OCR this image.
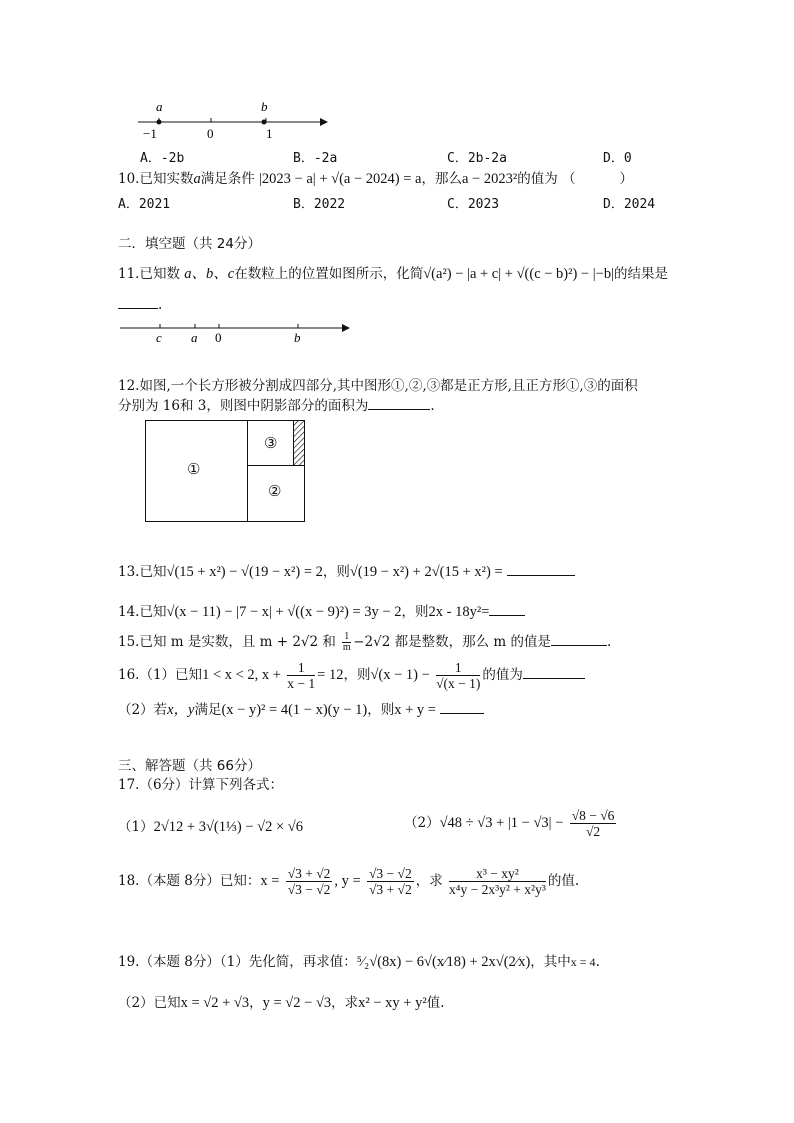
a	b
−1	0	1
A．-2b	B．-2a	C．2b-2a	D．0
10.已知实数a满足条件 |2023 − a| + √(a − 2024) = a，那么a − 2023²的值为 （	）
A．2021	B．2022	C．2023	D．2024
二．填空题（共 24分）
11.已知数 a、b、c在数粒上的位置如图所示，化简√(a²) − |a + c| + √((c − b)²) − |−b|的结果是
.
c a 0	b
12.如图,一个长方形被分割成四部分,其中图形①,②,③都是正方形,且正方形①,③的面积
分别为 16和 3，则图中阴影部分的面积为	.
①
③
②
13.已知√(15 + x²) − √(19 − x²) = 2，则√(19 − x²) + 2√(15 + x²) =
14.已知√(x − 11) − |7 − x| + √((x − 9)²) = 3y − 2，则2x - 18y²=
15.已知 m 是实数，且 m + 2√2 和 $\frac{1}{m} -2√2$ 都是整数，那么 m 的值是	.
16.（1）已知1 < x < 2, $x + \frac{1}{x - 1} = 12$，则$√(x - 1) - \frac{1}{√(x - 1)}$ 的值为
（2）若x，y满足(x − y)² = 4(1 − x)(y − 1)，则x + y =
三、解答题（共 66分）
17.（6分）计算下列各式：
（1）2√12 + 3√(1⅓) − √2 × √6	$(2)√48 \div √3 + |1 - √3| - \frac{√8 - √6}{√2}$
18.（本题 8分）已知：$x = \frac{√3 + √2}{√3 - √2}$ , $y = \frac{√3 - √2}{√3 + √2}$ ，求 $\frac{\text{x³ − xy²}}{\text{x⁴y − 2x³y² + x²y³}}$ 的值.
19.（本题 8分）（1）先化简，再求值：⁵⁄₂√(8x) − 6√(x⁄18) + 2x√(2⁄x)，其中x = 4.
（2）已知x = √2 + √3，y = √2 − √3，求x² − xy + y²值.
